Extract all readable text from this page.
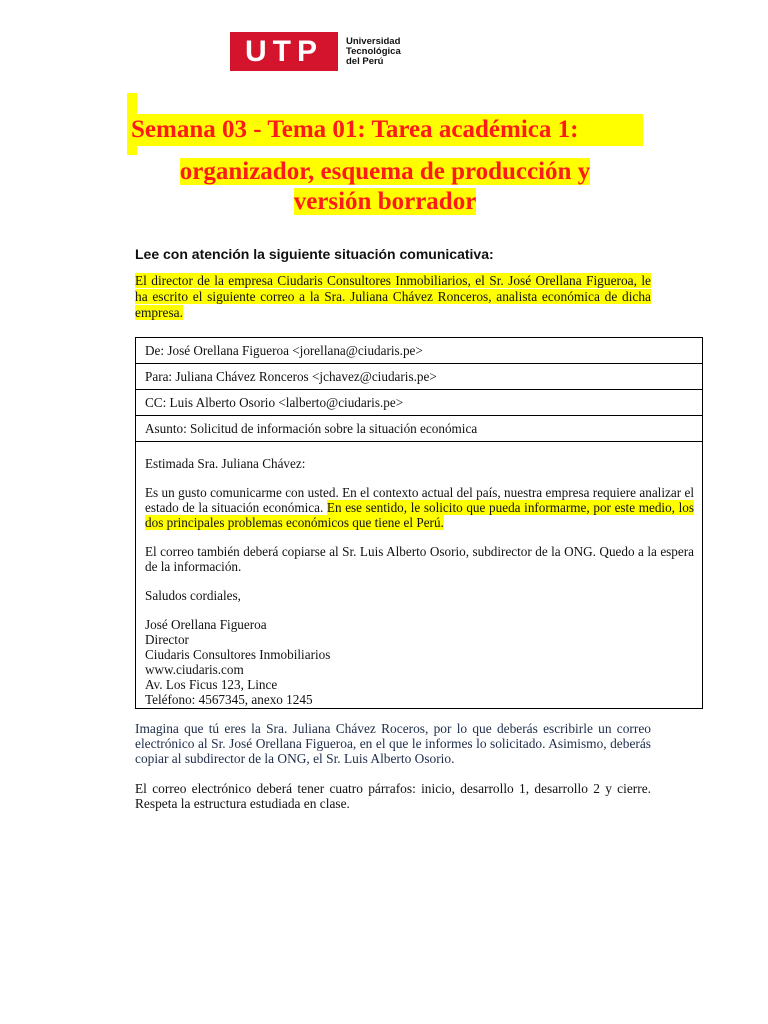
UTP	Universidad
Tecnológica
del Perú
Semana 03 - Tema 01: Tarea académica 1:
organizador, esquema de producción y
versión borrador
Lee con atención la siguiente situación comunicativa:
El director de la empresa Ciudaris Consultores Inmobiliarios, el Sr. José Orellana Figueroa, le ha escrito el siguiente correo a la Sra. Juliana Chávez Ronceros, analista económica de dicha empresa.
De: José Orellana Figueroa <jorellana@ciudaris.pe>
Para: Juliana Chávez Ronceros <jchavez@ciudaris.pe>
CC: Luis Alberto Osorio <lalberto@ciudaris.pe>
Asunto: Solicitud de información sobre la situación económica

Estimada Sra. Juliana Chávez:

Es un gusto comunicarme con usted. En el contexto actual del país, nuestra empresa requiere analizar el estado de la situación económica. En ese sentido, le solicito que pueda informarme, por este medio, los dos principales problemas económicos que tiene el Perú.

El correo también deberá copiarse al Sr. Luis Alberto Osorio, subdirector de la ONG. Quedo a la espera de la información.

Saludos cordiales,

José Orellana Figueroa
Director
Ciudaris Consultores Inmobiliarios
www.ciudaris.com
Av. Los Ficus 123, Lince
Teléfono: 4567345, anexo 1245

Imagina que tú eres la Sra. Juliana Chávez Roceros, por lo que deberás escribirle un correo electrónico al Sr. José Orellana Figueroa, en el que le informes lo solicitado. Asimismo, deberás copiar al subdirector de la ONG, el Sr. Luis Alberto Osorio.

El correo electrónico deberá tener cuatro párrafos: inicio, desarrollo 1, desarrollo 2 y cierre. Respeta la estructura estudiada en clase.
